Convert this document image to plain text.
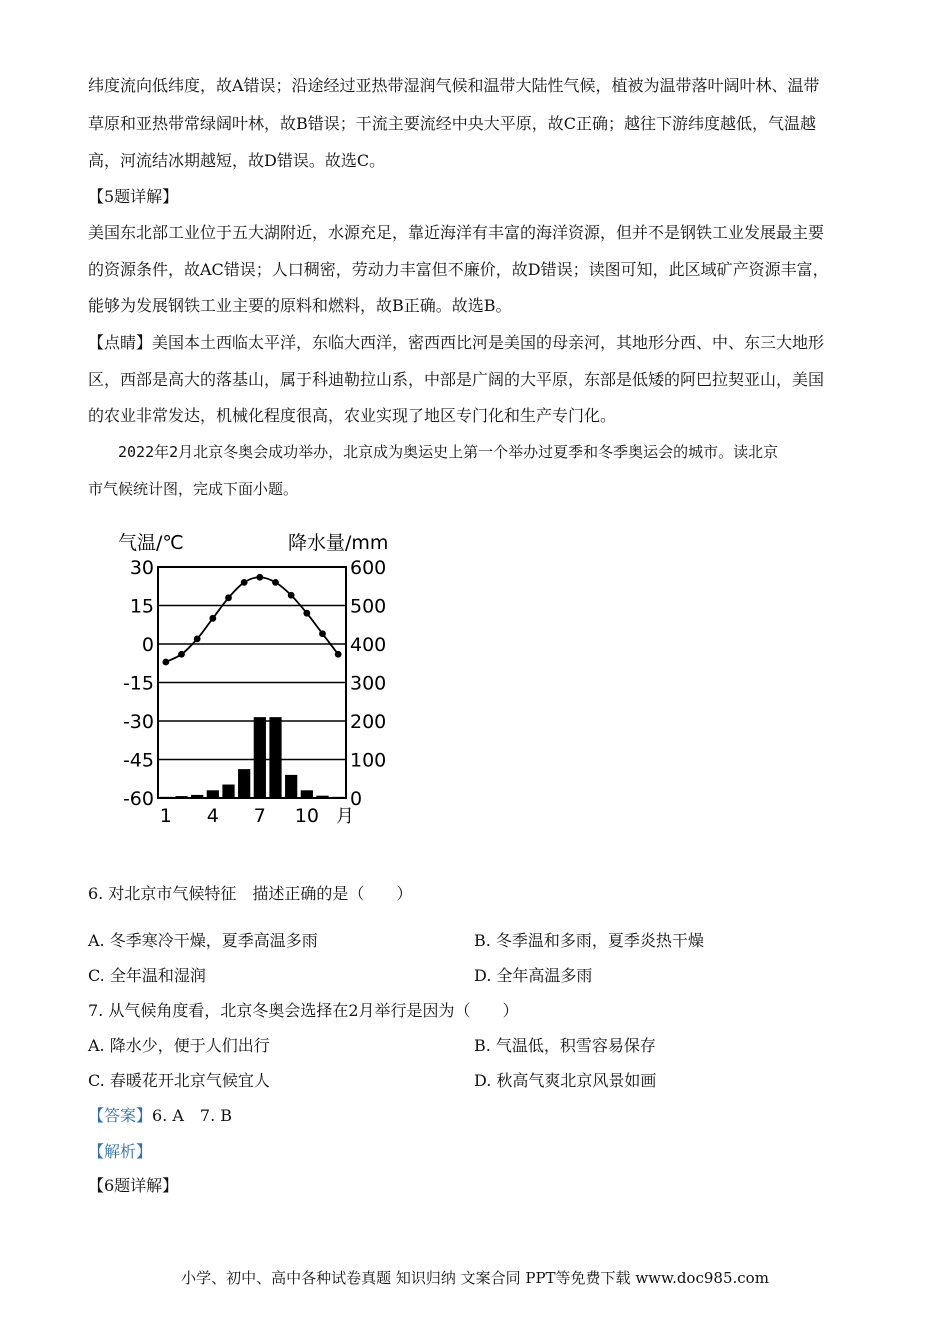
纬度流向低纬度，故A错误；沿途经过亚热带湿润气候和温带大陆性气候，植被为温带落叶阔叶林、温带
草原和亚热带常绿阔叶林，故B错误；干流主要流经中央大平原，故C正确；越往下游纬度越低，气温越
高，河流结冰期越短，故D错误。故选C。
【5题详解】
美国东北部工业位于五大湖附近，水源充足，靠近海洋有丰富的海洋资源，但并不是钢铁工业发展最主要
的资源条件，故AC错误；人口稠密，劳动力丰富但不廉价，故D错误；读图可知，此区域矿产资源丰富，
能够为发展钢铁工业主要的原料和燃料，故B正确。故选B。
【点睛】美国本土西临太平洋，东临大西洋，密西西比河是美国的母亲河，其地形分西、中、东三大地形
区，西部是高大的落基山，属于科迪勒拉山系，中部是广阔的大平原，东部是低矮的阿巴拉契亚山，美国
的农业非常发达，机械化程度很高，农业实现了地区专门化和生产专门化。
2022年2月北京冬奥会成功举办，北京成为奥运史上第一个举办过夏季和冬季奥运会的城市。读北京
市气候统计图，完成下面小题。
气温/℃	降水量/mm
月
30
15
0
-15
-30
-45
-60
600
500
400
300
200
100
0
1 4 7 10
6. 对北京市气候特征　描述正确的是（　　）
A. 冬季寒冷干燥，夏季高温多雨	B. 冬季温和多雨，夏季炎热干燥
C. 全年温和湿润	D. 全年高温多雨
7. 从气候角度看，北京冬奥会选择在2月举行是因为（　　）
A. 降水少，便于人们出行	B. 气温低，积雪容易保存
C. 春暖花开北京气候宜人	D. 秋高气爽北京风景如画
【答案】6. A　7. B
【解析】
【6题详解】
小学、初中、高中各种试卷真题 知识归纳 文案合同 PPT等免费下载 www.doc985.com
